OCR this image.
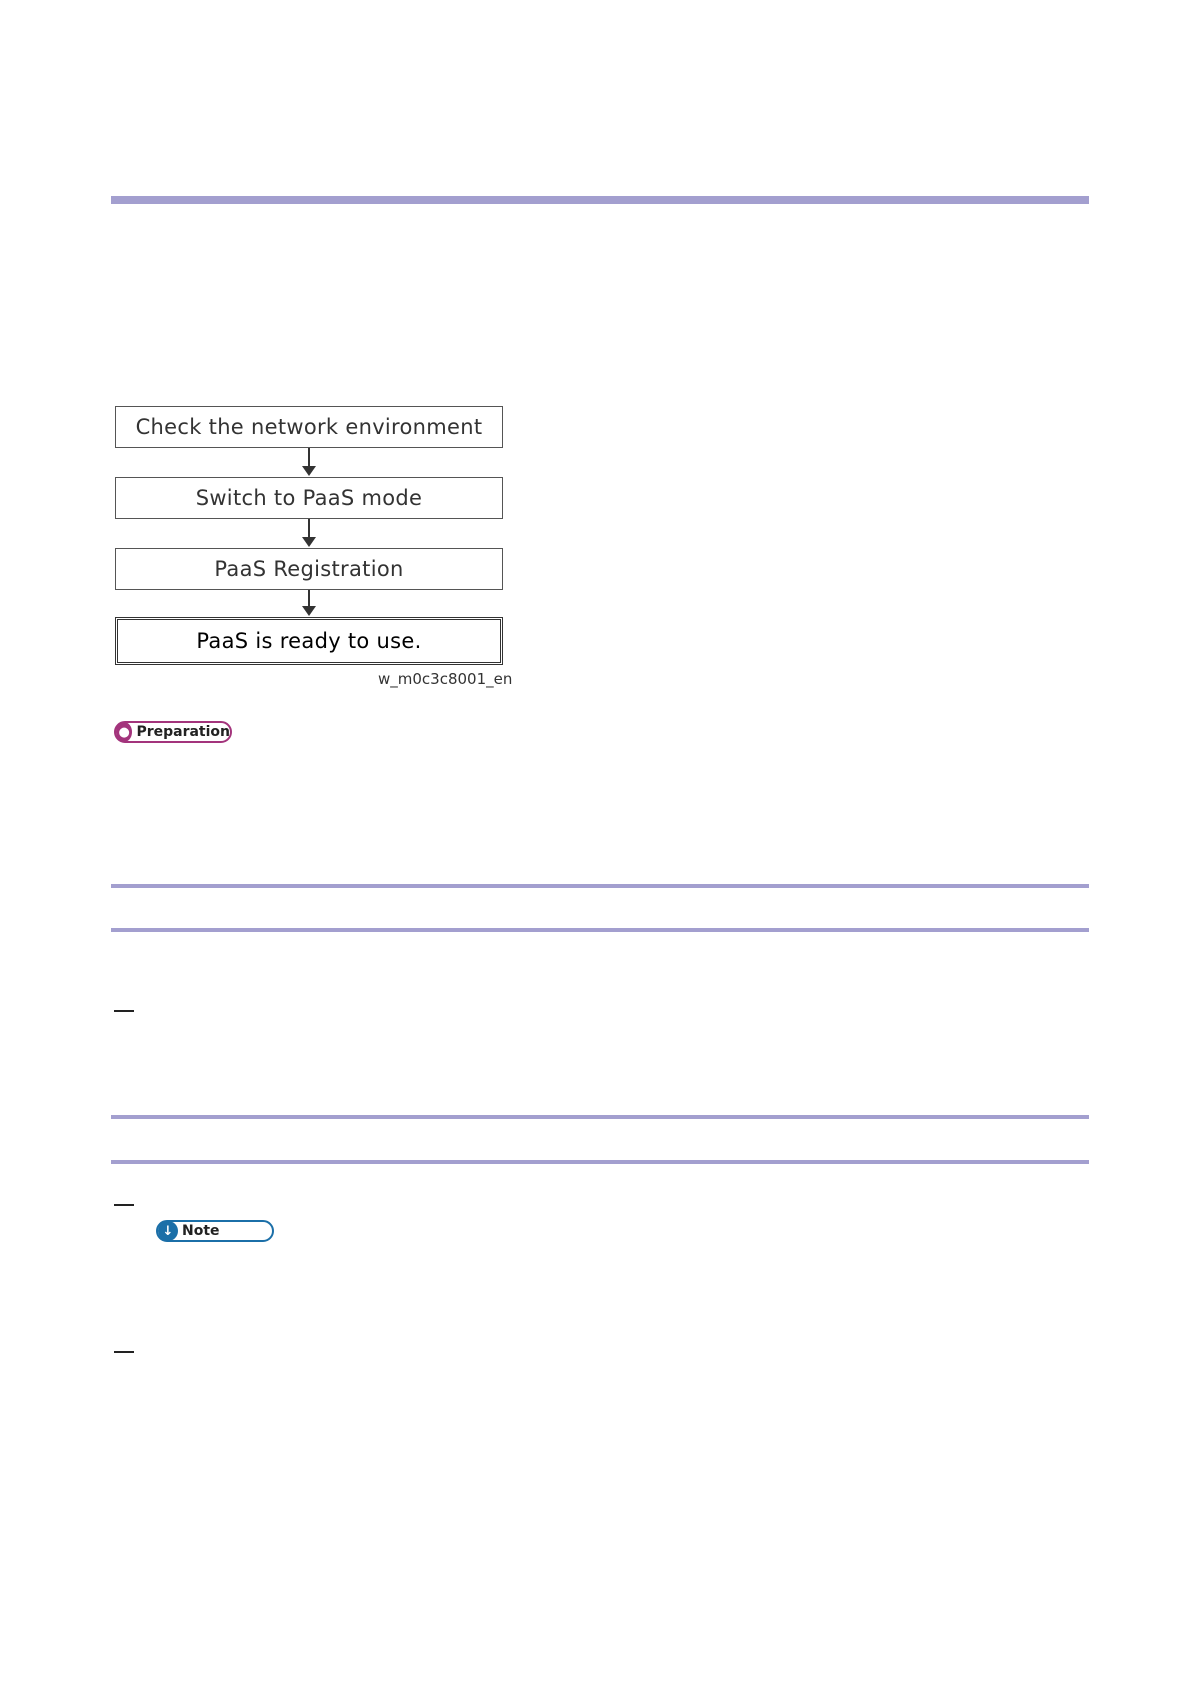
Check the network environment
Switch to PaaS mode
PaaS Registration
PaaS is ready to use.
w_m0c3c8001_en
● Preparation
↓ Note
